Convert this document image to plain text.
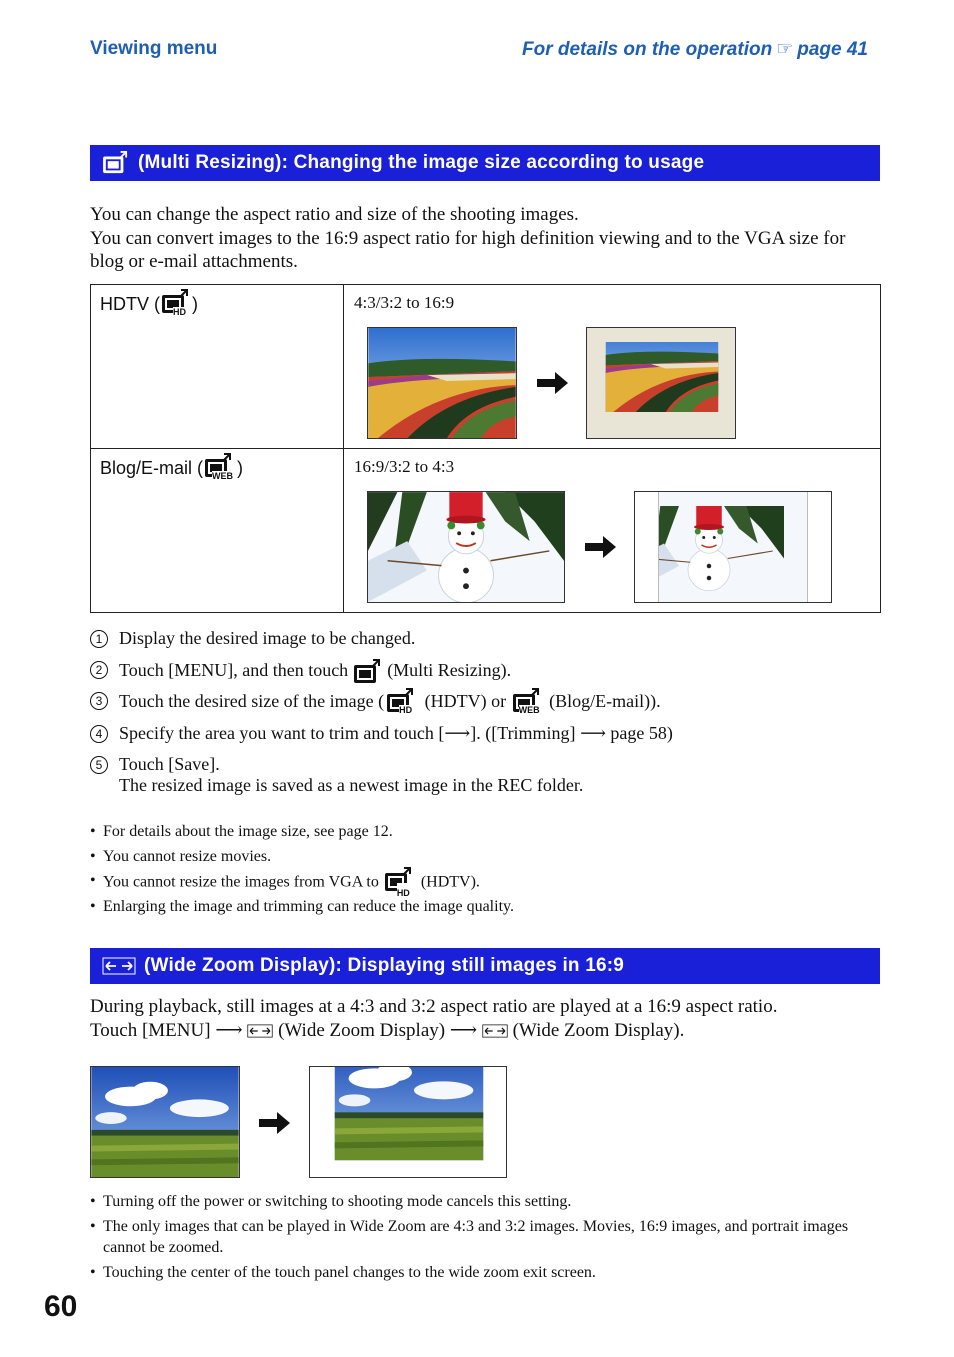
Viewing menu	For details on the operation ☞ page 41
(Multi Resizing): Changing the image size according to usage
You can change the aspect ratio and size of the shooting images.
You can convert images to the 16:9 aspect ratio for high definition viewing and to the VGA size for blog or e-mail attachments.
HDTV ( HD )	4:3/3:2 to 16:9

Blog/E-mail ( WEB )	16:9/3:2 to 4:3
1 Display the desired image to be changed.
2 Touch [MENU], and then touch (Multi Resizing).
3 Touch the desired size of the image ( HD (HDTV) or WEB (Blog/E-mail)).
4 Specify the area you want to trim and touch [⟶]. ([Trimming] ⟶ page 58)
5 Touch [Save].
The resized image is saved as a newest image in the REC folder.
• For details about the image size, see page 12.
• You cannot resize movies.
• You cannot resize the images from VGA to
HD
(HDTV).
• Enlarging the image and trimming can reduce the image quality.
(Wide Zoom Display): Displaying still images in 16:9
During playback, still images at a 4:3 and 3:2 aspect ratio are played at a 16:9 aspect ratio.
Touch [MENU] ⟶ (Wide Zoom Display) ⟶ (Wide Zoom Display).
• Turning off the power or switching to shooting mode cancels this setting.
• The only images that can be played in Wide Zoom are 4:3 and 3:2 images. Movies, 16:9 images, and portrait images cannot be zoomed.
• Touching the center of the touch panel changes to the wide zoom exit screen.
60
